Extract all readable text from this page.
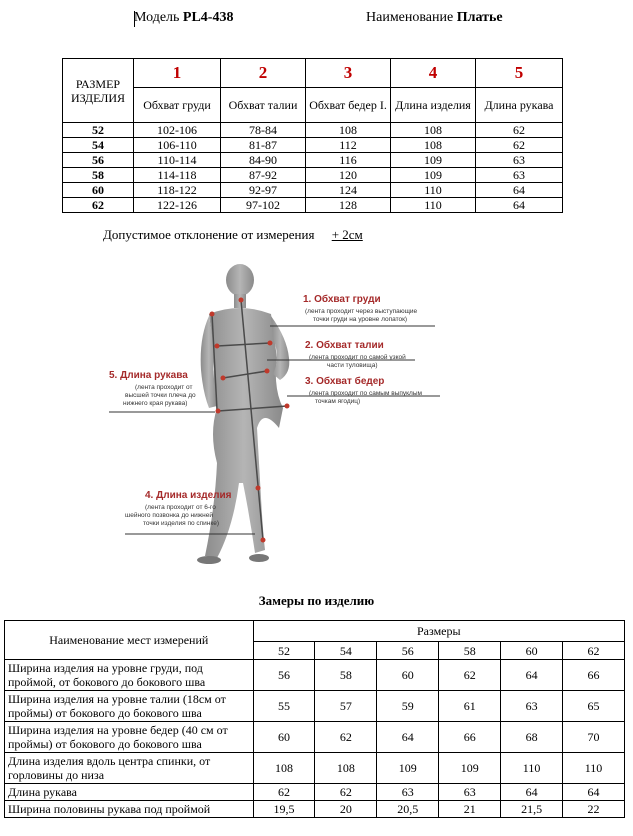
Модель PL4-438	Наименование Платье
РАЗМЕР ИЗДЕЛИЯ	1	2	3	4	5
	Обхват груди	Обхват талии	Обхват бедер I.	Длина изделия	Длина рукава
52	102-106	78-84	108	108	62
54	106-110	81-87	112	108	62
56	110-114	84-90	116	109	63
58	114-118	87-92	120	109	63
60	118-122	92-97	124	110	64
62	122-126	97-102	128	110	64
Допустимое отклонение от измерения + 2см
1. Обхват груди
(лента проходит через выступающие
точки груди на уровне лопаток)
2. Обхват талии
(лента проходит по самой узкой
части туловища)
3. Обхват бедер
(лента проходит по самым выпуклым
точкам ягодиц)
5. Длина рукава
(лента проходит от
высшей точки плеча до
нижнего края рукава)
4. Длина изделия
(лента проходит от 6-го
шейного позвонка до нижней
точки изделия по спинке)
Замеры по изделию
Наименование мест измерений	Размеры					
	52	54	56	58	60	62
Ширина изделия на уровне груди, под проймой, от бокового до бокового шва	56	58	60	62	64	66
Ширина изделия на уровне талии (18см от проймы) от бокового до бокового шва	55	57	59	61	63	65
Ширина изделия на уровне бедер (40 см от проймы) от бокового до бокового шва	60	62	64	66	68	70
Длина изделия вдоль центра спинки, от горловины до низа	108	108	109	109	110	110
Длина рукава	62	62	63	63	64	64
Ширина половины рукава под проймой	19,5	20	20,5	21	21,5	22
